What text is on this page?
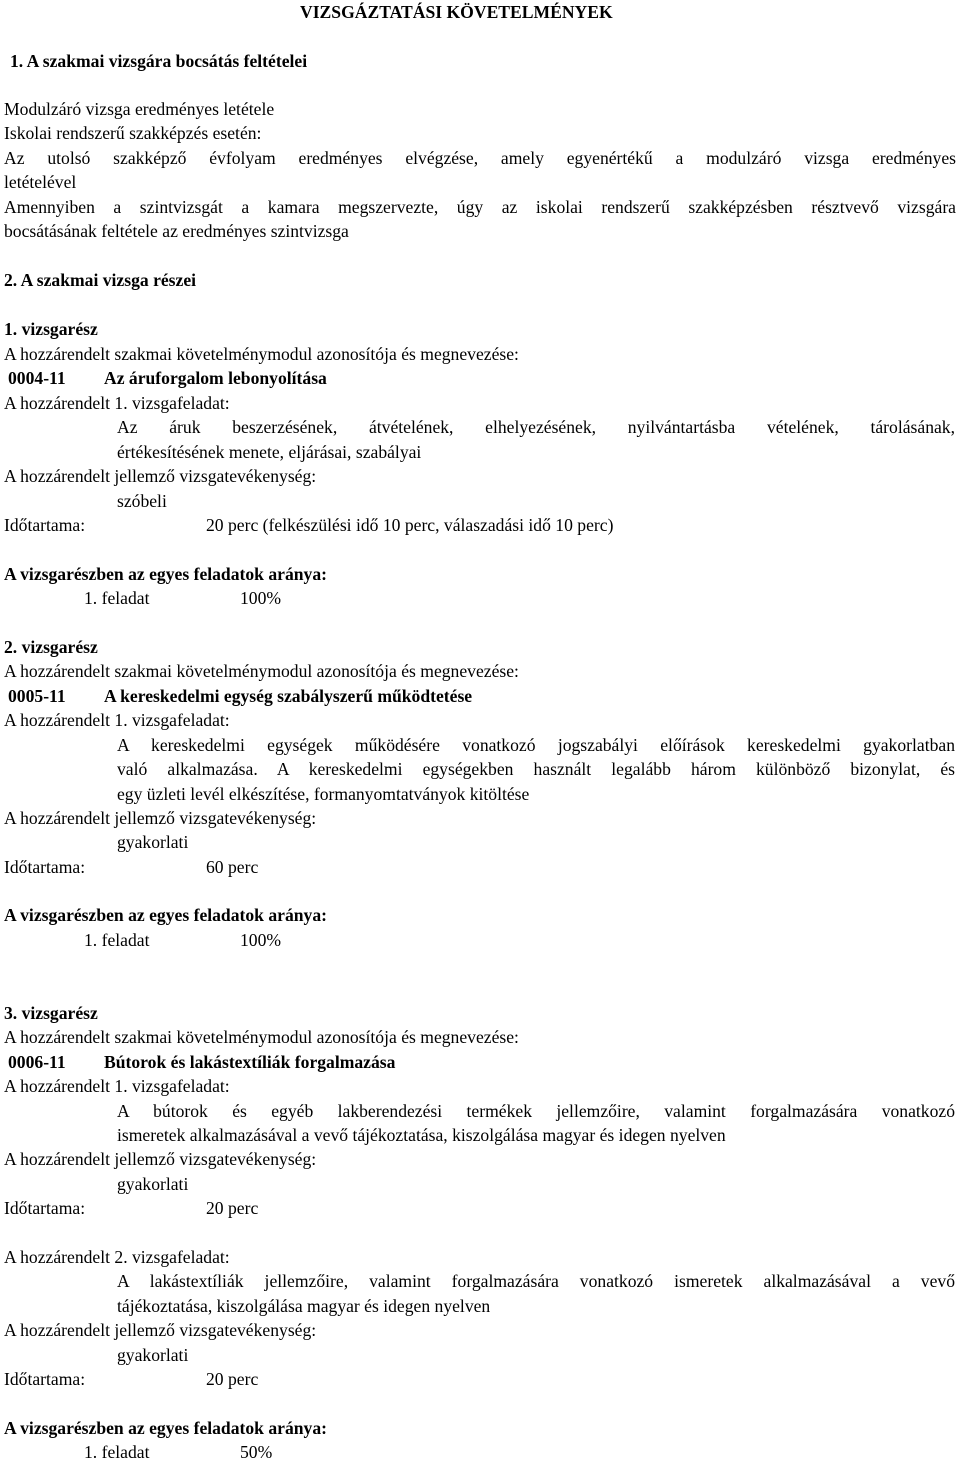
VIZSGÁZTATÁSI KÖVETELMÉNYEK
1. A szakmai vizsgára bocsátás feltételei
Modulzáró vizsga eredményes letétele
Iskolai rendszerű szakképzés esetén:
Az utolsó szakképző évfolyam eredményes elvégzése, amely egyenértékű a modulzáró vizsga eredményes
letételével
Amennyiben a szintvizsgát a kamara megszervezte, úgy az iskolai rendszerű szakképzésben résztvevő vizsgára
bocsátásának feltétele az eredményes szintvizsga
2. A szakmai vizsga részei
1. vizsgarész
A hozzárendelt szakmai követelménymodul azonosítója és megnevezése:
0004-11 Az áruforgalom lebonyolítása
A hozzárendelt 1. vizsgafeladat:
Az áruk beszerzésének, átvételének, elhelyezésének, nyilvántartásba vételének, tárolásának,
értékesítésének menete, eljárásai, szabályai
A hozzárendelt jellemző vizsgatevékenység:
szóbeli
Időtartama:	20 perc (felkészülési idő 10 perc, válaszadási idő 10 perc)
A vizsgarészben az egyes feladatok aránya:
1. feladat	100%
2. vizsgarész
A hozzárendelt szakmai követelménymodul azonosítója és megnevezése:
0005-11 A kereskedelmi egység szabályszerű működtetése
A hozzárendelt 1. vizsgafeladat:
A kereskedelmi egységek működésére vonatkozó jogszabályi előírások kereskedelmi gyakorlatban
való alkalmazása. A kereskedelmi egységekben használt legalább három különböző bizonylat, és
egy üzleti levél elkészítése, formanyomtatványok kitöltése
A hozzárendelt jellemző vizsgatevékenység:
gyakorlati
Időtartama:	60 perc
A vizsgarészben az egyes feladatok aránya:
1. feladat	100%
3. vizsgarész
A hozzárendelt szakmai követelménymodul azonosítója és megnevezése:
0006-11 Bútorok és lakástextíliák forgalmazása
A hozzárendelt 1. vizsgafeladat:
A bútorok és egyéb lakberendezési termékek jellemzőire, valamint forgalmazására vonatkozó
ismeretek alkalmazásával a vevő tájékoztatása, kiszolgálása magyar és idegen nyelven
A hozzárendelt jellemző vizsgatevékenység:
gyakorlati
Időtartama:	20 perc
A hozzárendelt 2. vizsgafeladat:
A lakástextíliák jellemzőire, valamint forgalmazására vonatkozó ismeretek alkalmazásával a vevő
tájékoztatása, kiszolgálása magyar és idegen nyelven
A hozzárendelt jellemző vizsgatevékenység:
gyakorlati
Időtartama:	20 perc
A vizsgarészben az egyes feladatok aránya:
1. feladat	50%
